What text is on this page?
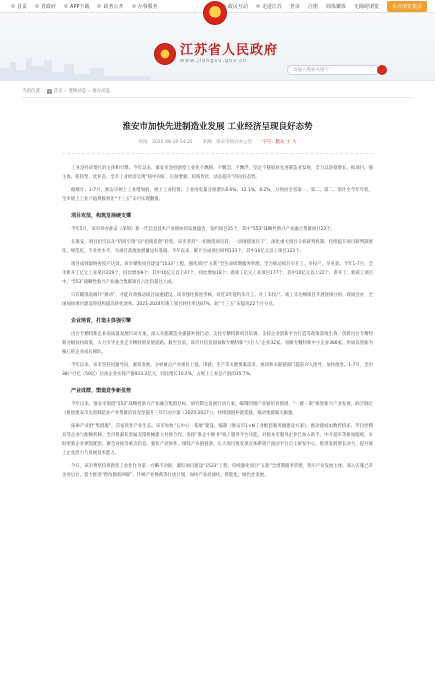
首页	省政府	APP下载	政务公开	办事服务	政民互动	走进江苏	登录	注册	简体繁体	无障碍浏览	长者浏览模式
江苏省人民政府
www.jiangsu.gov.cn
请输入搜索关键字
当前位置： 首页 › 要闻动态 › 地方动态
淮安市加快先进制造业发展 工业经济呈现良好态势
时间：2025-08-19 14:25 来源：淮安市政府办公室 字号：默认 小 大

工业是经济增长的主体和引擎。今年以来，淮安市坚持新型工业化不飘移、不飘忽、不飘浮，坚定不移加快先进制造业发展，全力以赴稳增长、抓项目、强主体、促转型、优业态，全市工业经济呈现“稳中向好、后劲增强、结构优化、动态提升”的良好态势。

据统计，1-7月，淮安市规上工业增加值、规上工业投资、工业用电量分别增长8.6%、12.1%、8.2%，分别居全省第一、第二、第二，预计至今年年底，全市规上工业产值规模将比“十三五”末可实现翻番。

项目攻坚，构筑发展硬支撑

今年5月，该市举办淮安（深圳）新一代信息技术产业链协同发展盛会，签约项目25个，其中“553”战略性新兴产业融合集群项目22个。

在淮安，项目招引以从“招商引资”向“招商选资”转变。该市坚持“一切围绕项目转、一切围绕项目干”，深化重大项目分析研判机制，持续提升项目研判制度化、规范化、专业化水平，为项目落地发展蓄足好基础。今年以来，累计完成项目研判133个，其中10亿元以上项目123个。

项目成效最终看投产达效。该市聚焦项目建设“1533”工程，强化项目“五新”全生命周期服务管理，全力推动项目早开工、早投产、早见效。今年1-7月，全市新开工亿元工业项目229个，同比增加9个，其中10亿元以上47个，同比增加18个；新竣工亿元工业项目177个，其中10亿元以上22个，新开工、新竣工项目中，“553”战略性新兴产业融合集群项目占比均超过八成。

只有瞄准前端开“窗动”，才能有效推动项目加速建设。该市强化推进考核，对近3年签约未开工、开工未投产、竣工未达纲项目开展逐项分析、现场会办，全国加快项目建设进度和提高转化效率。2021-2024年竣工项目转化率达87%，较“十三五”末提高22个百分点。

企业培育，打造主体强引擎

出台专精特新企业高质量发展行动方案，深入实施制造业强链补链行动，支持专精特新项目培训、支持企业创新平台打造等政策落地生效，创新出台专精特新分级扶持政策，大力引导企业走专精特新发展道路。截至目前，该市共培育国家级专精特新“小巨人”企业32家、省级专精特新中小企业380家，形成以创新为核心的企业成长梯队。

今年以来，该市坚持问题导向，紧扣发展、分析重点产业项目上链、串链、生产等关键要素需求，推动和关联链部门提前介入指导，加快推进。1-7月，全市38户百亿（50亿）后备企业实现产值933.3亿元，同比增长10.2%，占规上工业总产值的35.7%。

产业成群，塑造竞争新优势

今年以来，淮安市围绕“553”战略性新兴产业融合集群目标，研究制定发展行动方案，编制四城产业链培育图谱，“一群一策”推进新兴产业发展，联合制定《推进淮安市先进制造业产业集群培育攻坚提升三年行动方案（2025-2027）》，持续强链补链延链，推动集群做大做强。

探索产业链“集群服”，首家优化产业生态。该市加快“五中心一基地”建设，编制《淮安市1+N工业配套服务圈建设方案》，推动建成如数控机床、罗拉控模具等企业与配额转移，全市将紧扣金属支撑机械建立对接合作，发挥“淮企小秘书”线上服务平台功能，对接本市服务企业已加入助手，中介超市等新加服规，实时更新企业供需配套，做全对接等重点信息。强化产业协作，围绕产业链链条，正大项目批发供应体系资产流动平台自主研发中心，推进发展增长动力，提升链上企业活力与发展技术能力。

今日，该市将坚持将新型工业化作为第一方略不动摇，紧盯项目建设“1533”工程、持续强化项目“五新”全周期服务管理，筑牢产业发展主体，深入实施已有企业后台，着力推进“智改数转网联”、传统产业焕新等行动计划，加快产业高端化、智能化、绿色化发展。
